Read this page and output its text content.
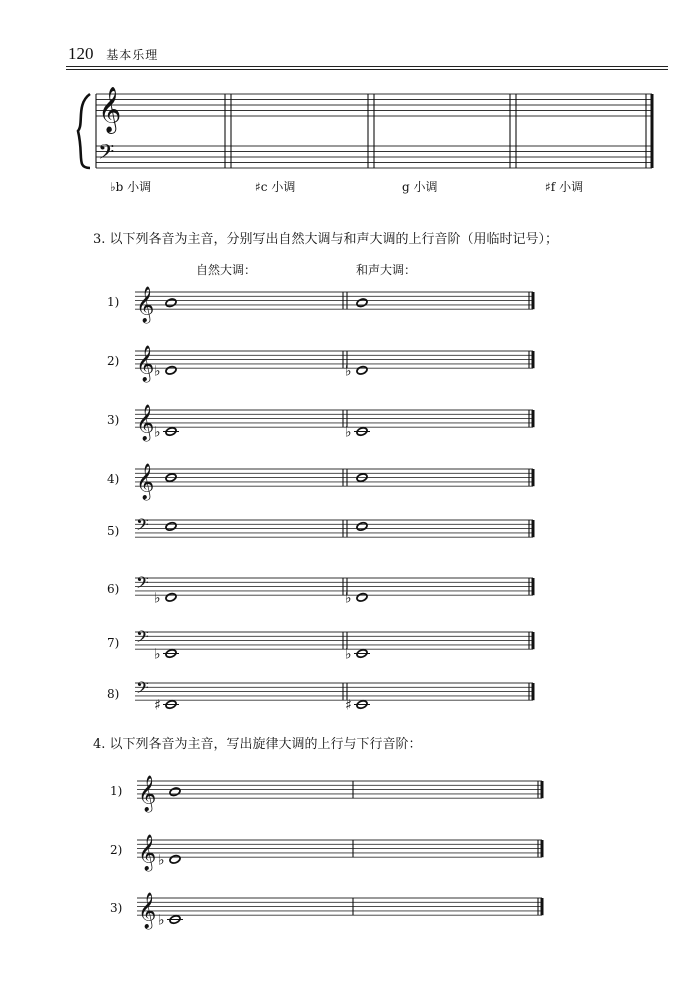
120 基本乐理
♭b 小调	♯c 小调	g 小调	♯f 小调
3. 以下列各音为主音，分别写出自然大调与和声大调的上行音阶（用临时记号）；
自然大调：	和声大调：
4. 以下列各音为主音，写出旋律大调的上行与下行音阶：
1)
2)
3)
4)
5)
6)
7)
8)
1)
2)
3)
𝄞
𝄢
𝄞
𝄞 ♭	♭
𝄞 ♭	♭
𝄞
𝄢
𝄢
♭	♭
𝄢
♭	♭
𝄢
♯	♯
𝄞
𝄞 ♭
𝄞 ♭
